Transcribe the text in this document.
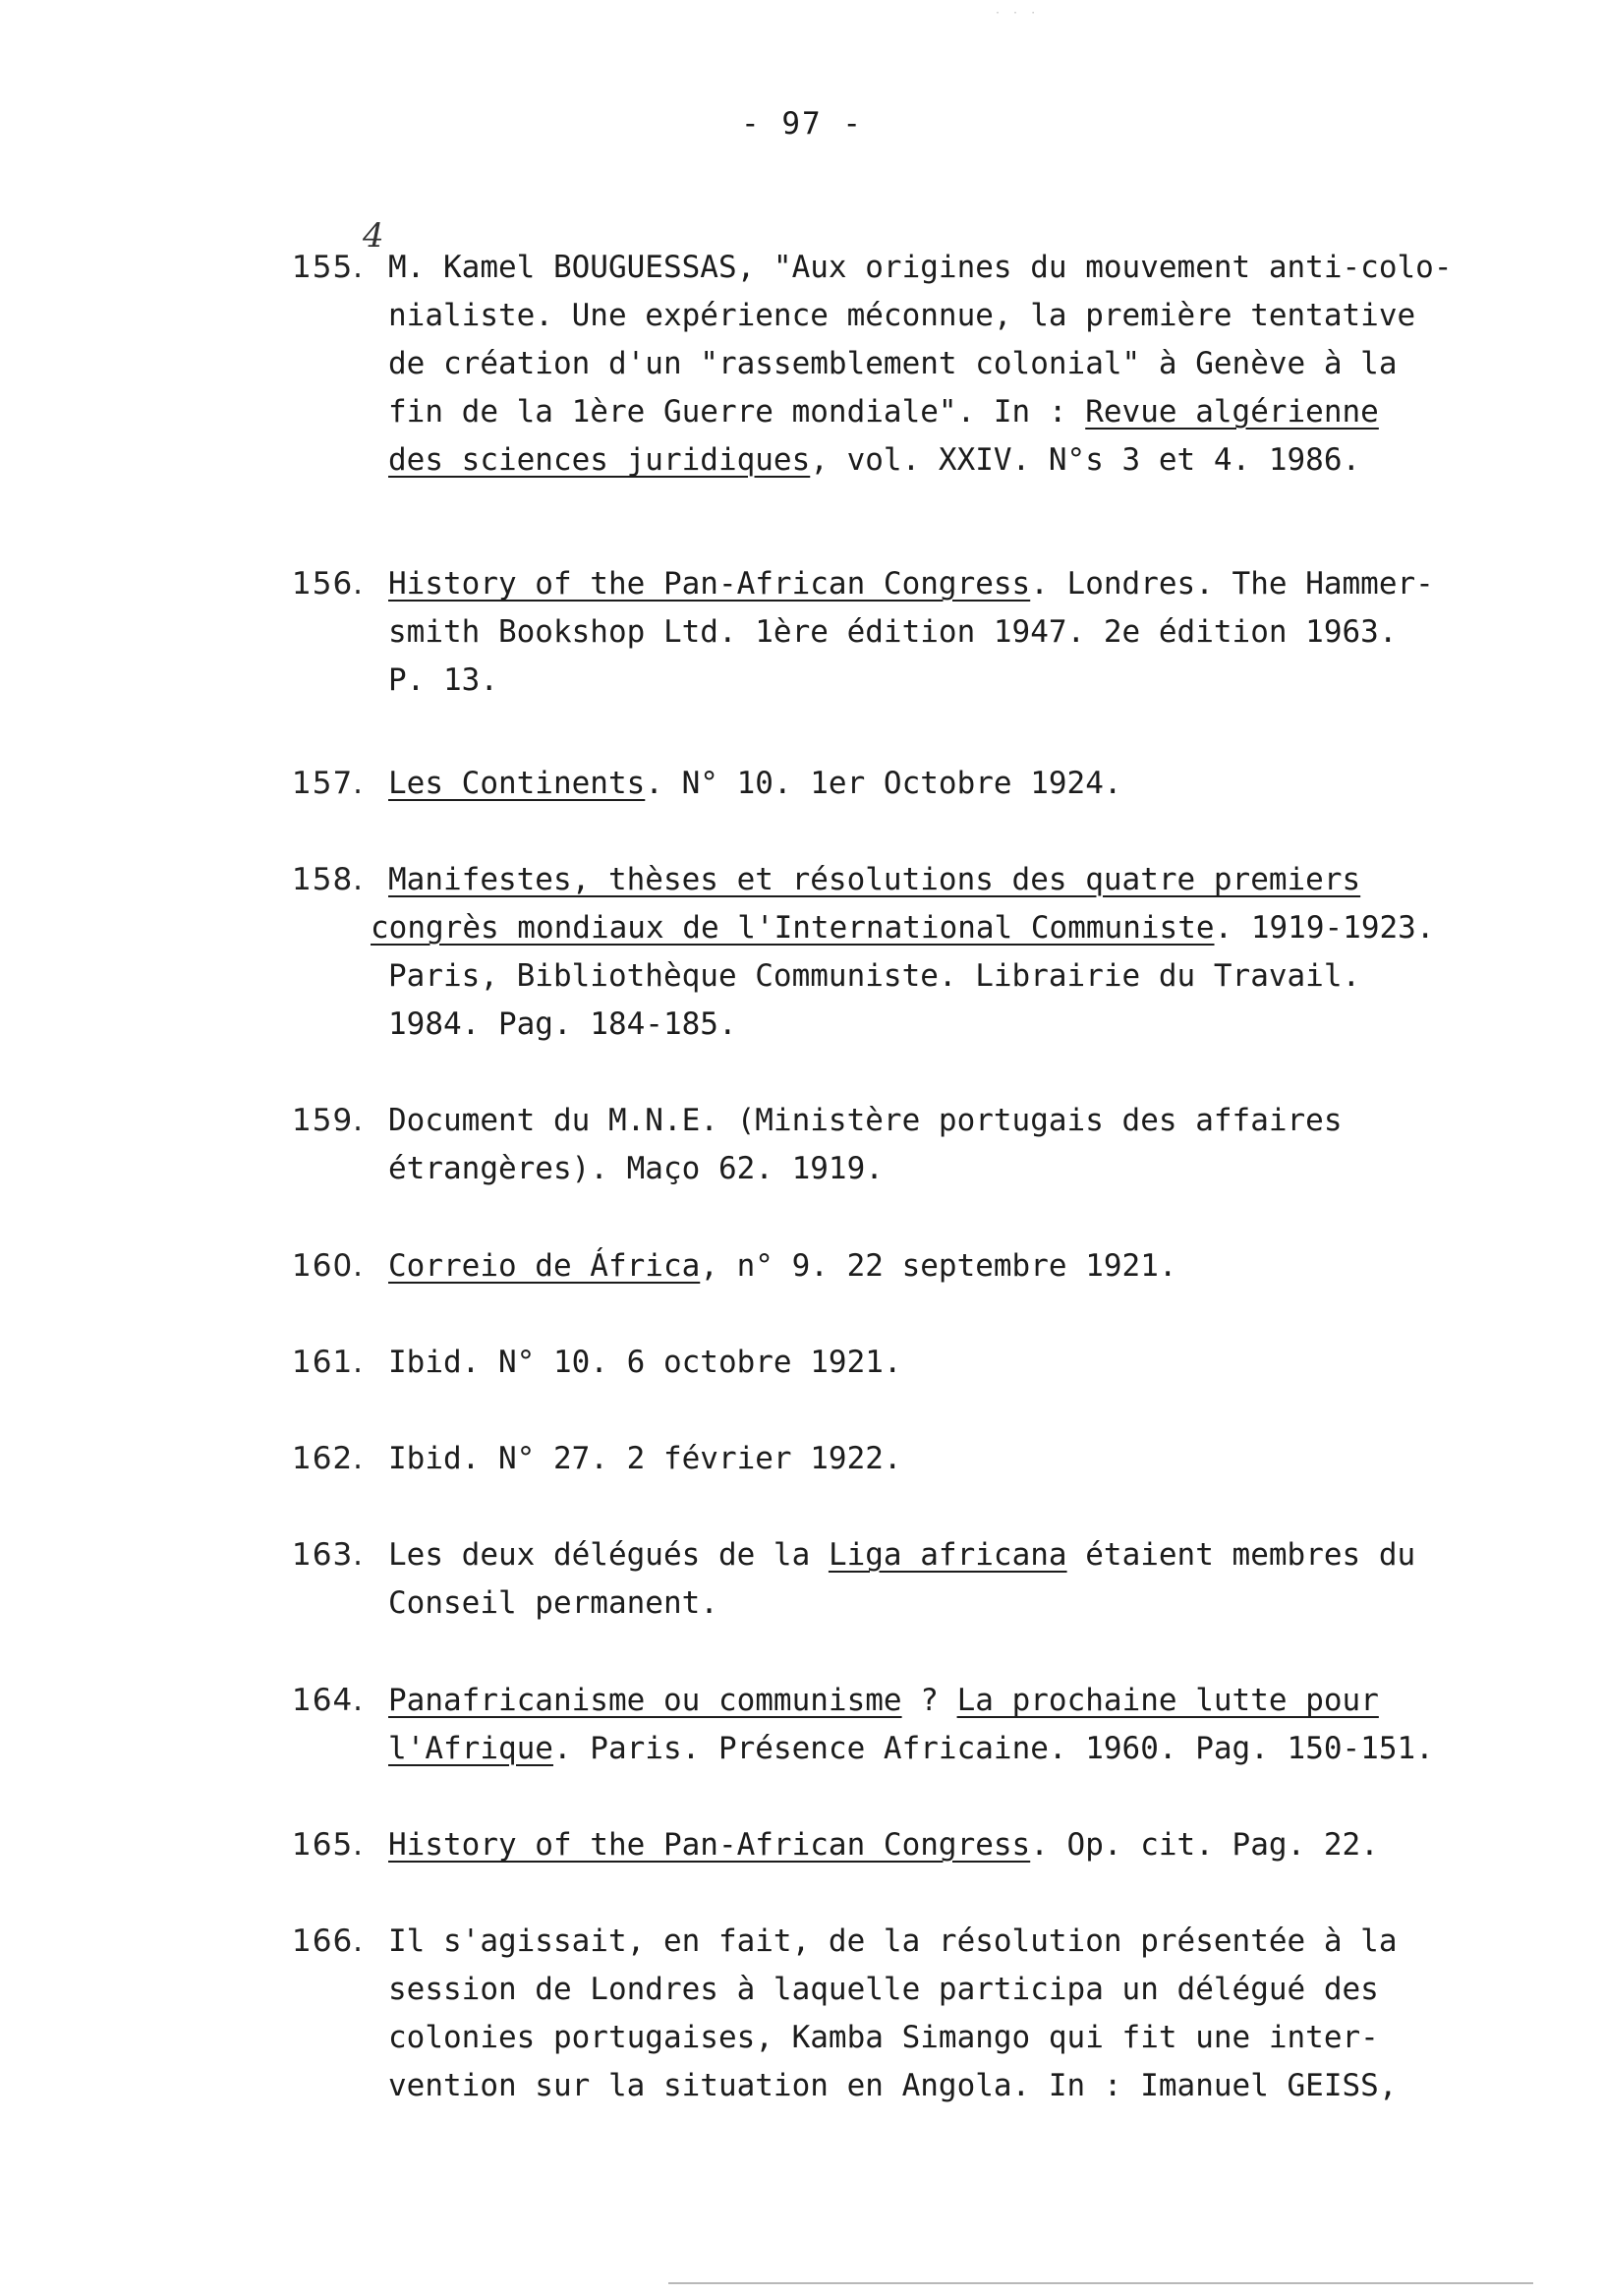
· · ·
- 97 -
155.
4
M. Kamel BOUGUESSAS, "Aux origines du mouvement anti-colo-
nialiste. Une expérience méconnue, la première tentative
de création d'un "rassemblement colonial" à Genève à la
fin de la 1ère Guerre mondiale". In : Revue algérienne
des sciences juridiques, vol. XXIV. N°s 3 et 4. 1986.
156. History of the Pan-African Congress. Londres. The Hammer-
smith Bookshop Ltd. 1ère édition 1947. 2e édition 1963.
P. 13.
157. Les Continents. N° 10. 1er Octobre 1924.
158. Manifestes, thèses et résolutions des quatre premiers
congrès mondiaux de l'International Communiste. 1919-1923.
Paris, Bibliothèque Communiste. Librairie du Travail.
1984. Pag. 184-185.
159. Document du M.N.E. (Ministère portugais des affaires
étrangères). Maço 62. 1919.
160. Correio de África, n° 9. 22 septembre 1921.
161. Ibid. N° 10. 6 octobre 1921.
162. Ibid. N° 27. 2 février 1922.
163. Les deux délégués de la Liga africana étaient membres du
Conseil permanent.
164. Panafricanisme ou communisme ? La prochaine lutte pour
l'Afrique. Paris. Présence Africaine. 1960. Pag. 150-151.
165. History of the Pan-African Congress. Op. cit. Pag. 22.
166. Il s'agissait, en fait, de la résolution présentée à la
session de Londres à laquelle participa un délégué des
colonies portugaises, Kamba Simango qui fit une inter-
vention sur la situation en Angola. In : Imanuel GEISS,
